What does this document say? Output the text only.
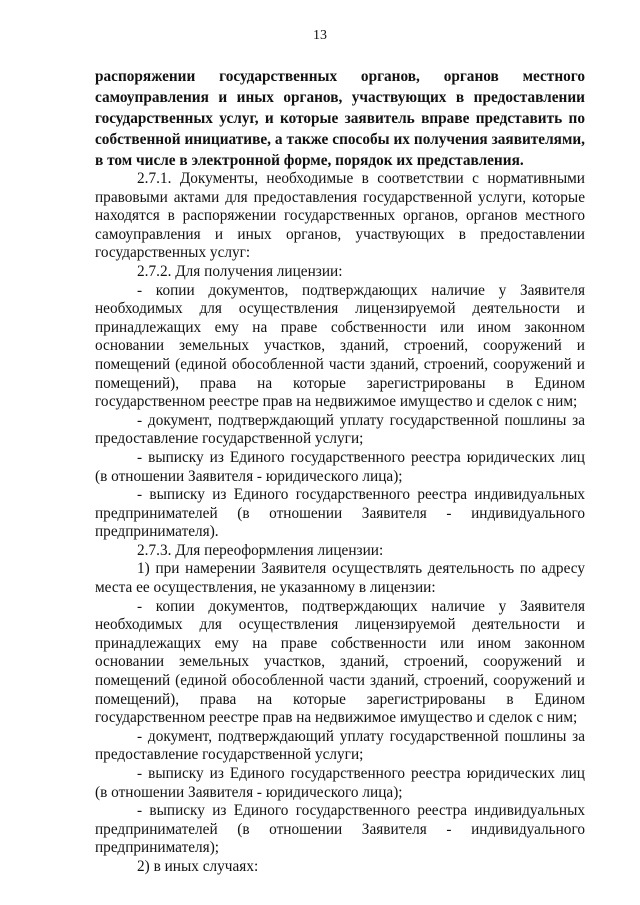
13
распоряжении государственных органов, органов местного самоуправления и иных органов, участвующих в предоставлении государственных услуг, и которые заявитель вправе представить по собственной инициативе, а также способы их получения заявителями, в том числе в электронной форме, порядок их представления.

2.7.1. Документы, необходимые в соответствии с нормативными правовыми актами для предоставления государственной услуги, которые находятся в распоряжении государственных органов, органов местного самоуправления и иных органов, участвующих в предоставлении государственных услуг:

2.7.2. Для получения лицензии:

- копии документов, подтверждающих наличие у Заявителя необходимых для осуществления лицензируемой деятельности и принадлежащих ему на праве собственности или ином законном основании земельных участков, зданий, строений, сооружений и помещений (единой обособленной части зданий, строений, сооружений и помещений), права на которые зарегистрированы в Едином государственном реестре прав на недвижимое имущество и сделок с ним;

- документ, подтверждающий уплату государственной пошлины за предоставление государственной услуги;

- выписку из Единого государственного реестра юридических лиц (в отношении Заявителя - юридического лица);

- выписку из Единого государственного реестра индивидуальных предпринимателей (в отношении Заявителя - индивидуального предпринимателя).

2.7.3. Для переоформления лицензии:

1) при намерении Заявителя осуществлять деятельность по адресу места ее осуществления, не указанному в лицензии:

- копии документов, подтверждающих наличие у Заявителя необходимых для осуществления лицензируемой деятельности и принадлежащих ему на праве собственности или ином законном основании земельных участков, зданий, строений, сооружений и помещений (единой обособленной части зданий, строений, сооружений и помещений), права на которые зарегистрированы в Едином государственном реестре прав на недвижимое имущество и сделок с ним;

- документ, подтверждающий уплату государственной пошлины за предоставление государственной услуги;

- выписку из Единого государственного реестра юридических лиц (в отношении Заявителя - юридического лица);

- выписку из Единого государственного реестра индивидуальных предпринимателей (в отношении Заявителя - индивидуального предпринимателя);

2) в иных случаях:
